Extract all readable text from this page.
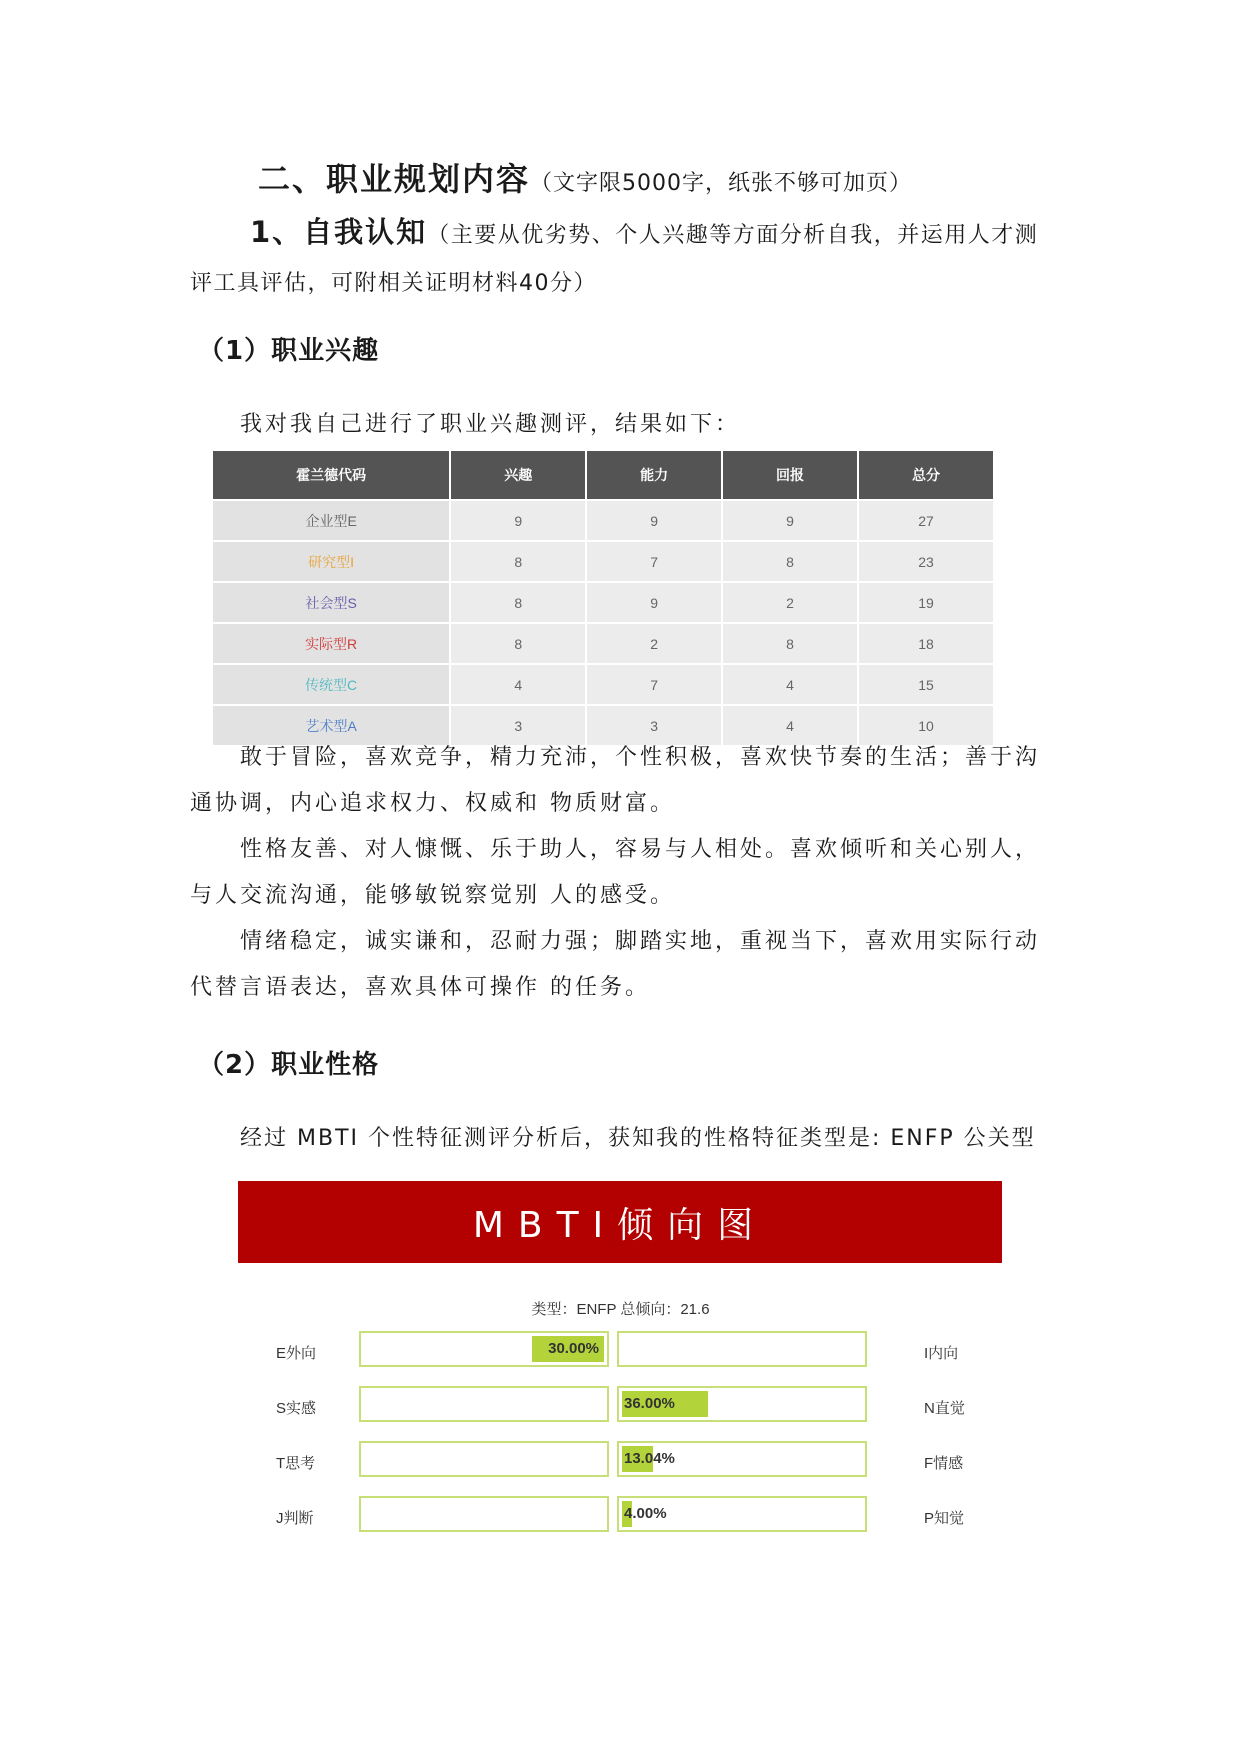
二、职业规划内容（文字限5000字，纸张不够可加页）
1、自我认知（主要从优劣势、个人兴趣等方面分析自我，并运用人才测评工具评估，可附相关证明材料40分）
（1）职业兴趣
我对我自己进行了职业兴趣测评，结果如下：
霍兰德代码	兴趣	能力	回报	总分
企业型E	9	9	9	27
研究型I	8	7	8	23
社会型S	8	9	2	19
实际型R	8	2	8	18
传统型C	4	7	4	15
艺术型A	3	3	4	10
敢于冒险，喜欢竞争，精力充沛，个性积极，喜欢快节奏的生活；善于沟通协调，内心追求权力、权威和 物质财富。
性格友善、对人慷慨、乐于助人，容易与人相处。喜欢倾听和关心别人，与人交流沟通，能够敏锐察觉别 人的感受。
情绪稳定，诚实谦和，忍耐力强；脚踏实地，重视当下，喜欢用实际行动代替言语表达，喜欢具体可操作 的任务。
（2）职业性格
经过 MBTI 个性特征测评分析后，获知我的性格特征类型是: ENFP 公关型
MBTI倾向图
类型：ENFP 总倾向：21.6
E外向	30.00%	I内向
S实感	36.00%	N直觉
T思考	13.04%	F情感
J判断	4.00%	P知觉
